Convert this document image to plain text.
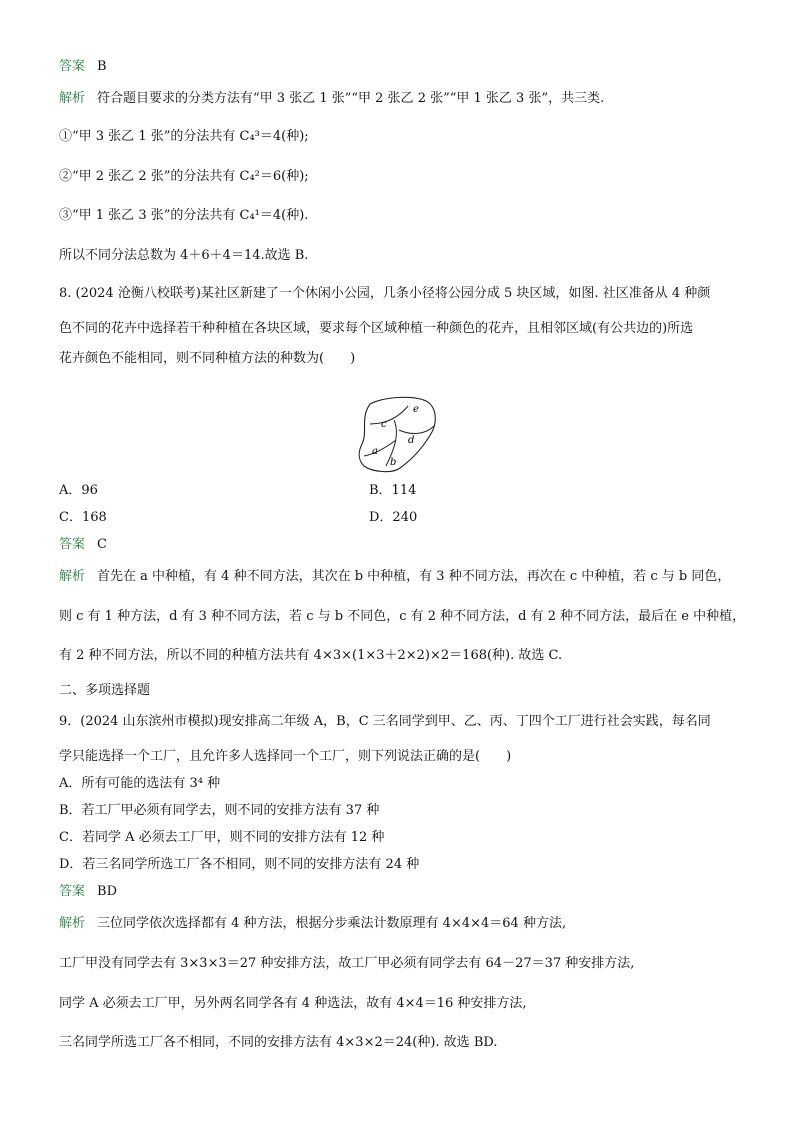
答案 B
解析 符合题目要求的分类方法有“甲 3 张乙 1 张”“甲 2 张乙 2 张”“甲 1 张乙 3 张”，共三类.
①“甲 3 张乙 1 张”的分法共有 C₄³＝4(种);
②“甲 2 张乙 2 张”的分法共有 C₄²＝6(种);
③“甲 1 张乙 3 张”的分法共有 C₄¹＝4(种).
所以不同分法总数为 4＋6＋4＝14.故选 B.
8. (2024 沧衡八校联考)某社区新建了一个休闲小公园，几条小径将公园分成 5 块区域，如图. 社区准备从 4 种颜
色不同的花卉中选择若干种种植在各块区域，要求每个区域种植一种颜色的花卉，且相邻区域(有公共边的)所选
花卉颜色不能相同，则不同种植方法的种数为(　　)
a
b
c
d
e
A．96	B．114
C．168	D．240
答案 C
解析 首先在 a 中种植，有 4 种不同方法，其次在 b 中种植，有 3 种不同方法，再次在 c 中种植，若 c 与 b 同色，
则 c 有 1 种方法，d 有 3 种不同方法，若 c 与 b 不同色，c 有 2 种不同方法，d 有 2 种不同方法，最后在 e 中种植，
有 2 种不同方法，所以不同的种植方法共有 4×3×(1×3＋2×2)×2＝168(种). 故选 C.
二、多项选择题
9．(2024 山东滨州市模拟)现安排高二年级 A，B，C 三名同学到甲、乙、丙、丁四个工厂进行社会实践，每名同
学只能选择一个工厂，且允许多人选择同一个工厂，则下列说法正确的是(　　)
A．所有可能的选法有 3⁴ 种
B．若工厂甲必须有同学去，则不同的安排方法有 37 种
C．若同学 A 必须去工厂甲，则不同的安排方法有 12 种
D．若三名同学所选工厂各不相同，则不同的安排方法有 24 种
答案 BD
解析 三位同学依次选择都有 4 种方法，根据分步乘法计数原理有 4×4×4＝64 种方法,
工厂甲没有同学去有 3×3×3＝27 种安排方法，故工厂甲必须有同学去有 64－27＝37 种安排方法,
同学 A 必须去工厂甲，另外两名同学各有 4 种选法，故有 4×4＝16 种安排方法,
三名同学所选工厂各不相同，不同的安排方法有 4×3×2＝24(种). 故选 BD.
